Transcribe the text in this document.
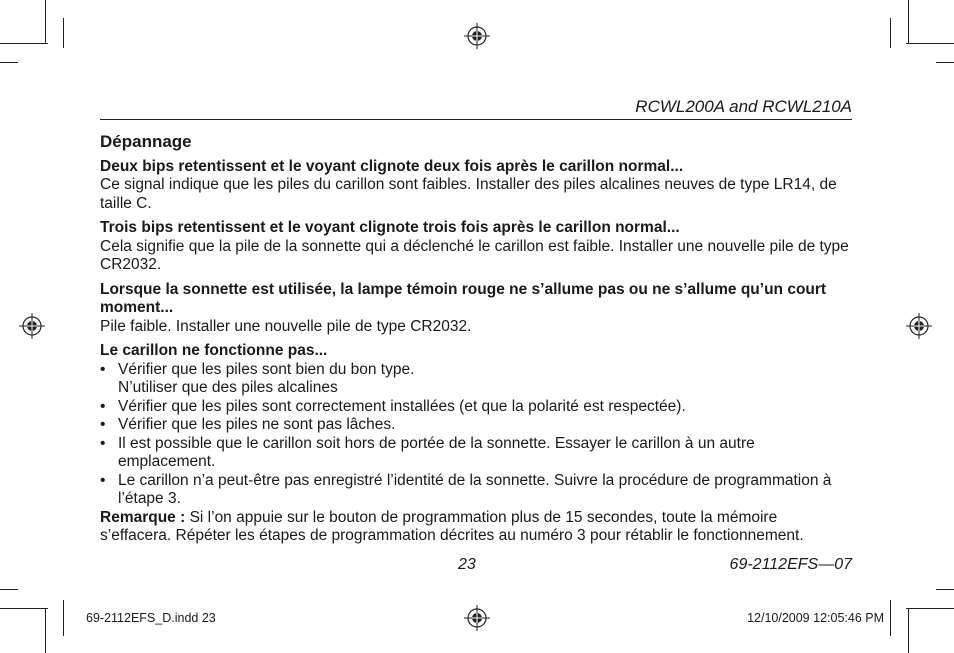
RCWL200A and RCWL210A
Dépannage
Deux bips retentissent et le voyant clignote deux fois après le carillon normal...

Ce signal indique que les piles du carillon sont faibles. Installer des piles alcalines neuves de type LR14, de taille C.

Trois bips retentissent et le voyant clignote trois fois après le carillon normal...

Cela signifie que la pile de la sonnette qui a déclenché le carillon est faible. Installer une nouvelle pile de type CR2032.

Lorsque la sonnette est utilisée, la lampe témoin rouge ne s’allume pas ou ne s’allume qu’un court moment...

Pile faible. Installer une nouvelle pile de type CR2032.

Le carillon ne fonctionne pas...
• Vérifier que les piles sont bien du bon type.
N’utiliser que des piles alcalines
• Vérifier que les piles sont correctement installées (et que la polarité est respectée).
• Vérifier que les piles ne sont pas lâches.
• Il est possible que le carillon soit hors de portée de la sonnette. Essayer le carillon à un autre emplacement.
• Le carillon n’a peut-être pas enregistré l’identité de la sonnette. Suivre la procédure de programmation à l’étape 3.

Remarque : Si l’on appuie sur le bouton de programmation plus de 15 secondes, toute la mémoire s’effacera. Répéter les étapes de programmation décrites au numéro 3 pour rétablir le fonctionnement.

23	69-2112EFS—07
69-2112EFS_D.indd 23	12/10/2009 12:05:46 PM
